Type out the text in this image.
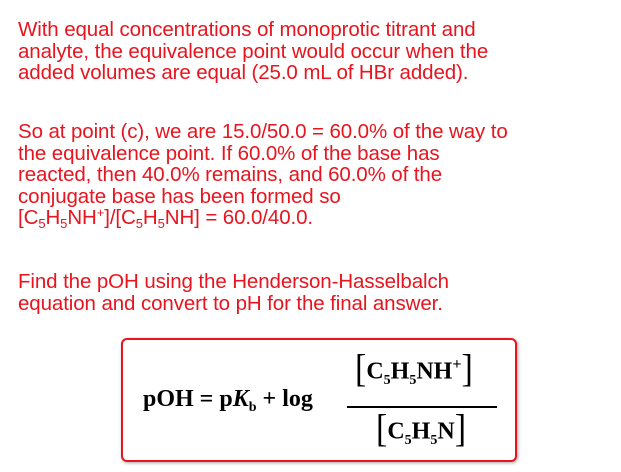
With equal concentrations of monoprotic titrant and
analyte, the equivalence point would occur when the
added volumes are equal (25.0 mL of HBr added).

So at point (c), we are 15.0/50.0 = 60.0% of the way to
the equivalence point. If 60.0% of the base has
reacted, then 40.0% remains, and 60.0% of the
conjugate base has been formed so
$[C_5H_5NH^+]/[C_5H_5NH] = 60.0/40.0$.

Find the pOH using the Henderson-Hasselbalch
equation and convert to pH for the final answer.

pOH = $pK_b + \log$
$[C_5H_5NH^+]$
$[C_5H_5N]$
